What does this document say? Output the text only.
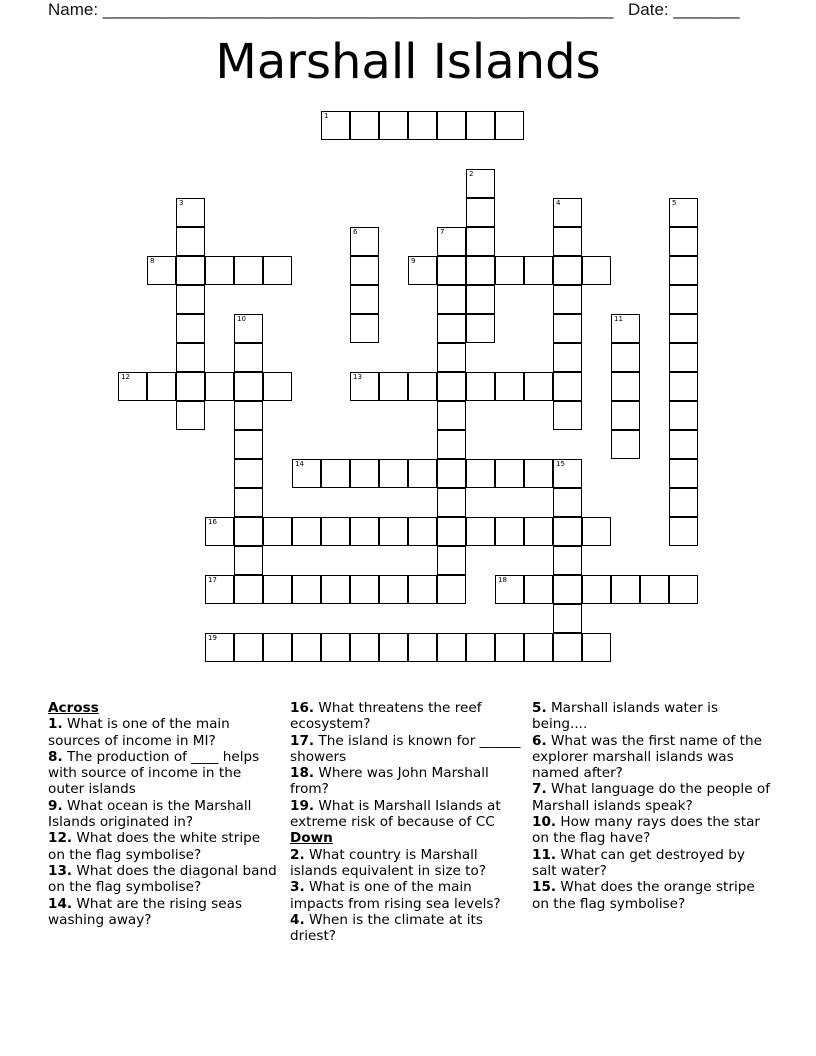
Name: ______________________________________________________ Date: _______
Marshall Islands
1
2
3	4	5
6	7
8	9
10	11
12	13
14	15
16
17	18
19
Across
1. What is one of the main sources of income in MI?
8. The production of ____ helps with source of income in the outer islands
9. What ocean is the Marshall Islands originated in?
12. What does the white stripe on the flag symbolise?
13. What does the diagonal band on the flag symbolise?
14. What are the rising seas washing away?
16. What threatens the reef ecosystem?
17. The island is known for ______ showers
18. Where was John Marshall from?
19. What is Marshall Islands at extreme risk of because of CC
Down
2. What country is Marshall islands equivalent in size to?
3. What is one of the main impacts from rising sea levels?
4. When is the climate at its driest?
5. Marshall islands water is being....
6. What was the first name of the explorer marshall islands was named after?
7. What language do the people of Marshall islands speak?
10. How many rays does the star on the flag have?
11. What can get destroyed by salt water?
15. What does the orange stripe on the flag symbolise?
